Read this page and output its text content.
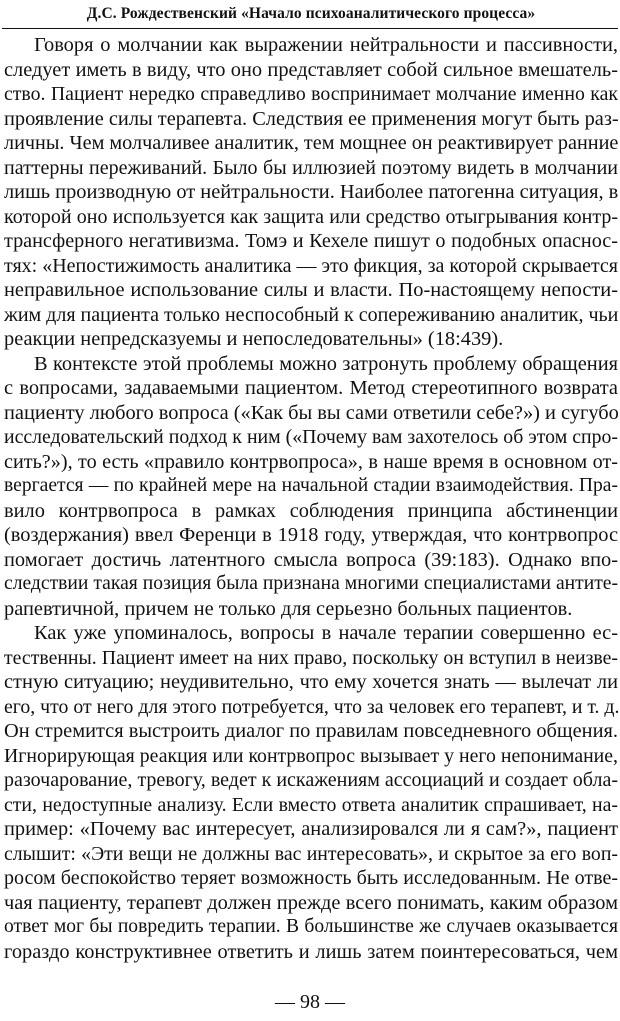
Д.С. Рождественский «Начало психоаналитического процесса»
Говоря о молчании как выражении нейтральности и пассивности,
следует иметь в виду, что оно представляет собой сильное вмешатель-
ство. Пациент нередко справедливо воспринимает молчание именно как
проявление силы терапевта. Следствия ее применения могут быть раз-
личны. Чем молчаливее аналитик, тем мощнее он реактивирует ранние
паттерны переживаний. Было бы иллюзией поэтому видеть в молчании
лишь производную от нейтральности. Наиболее патогенна ситуация, в
которой оно используется как защита или средство отыгрывания контр-
трансферного негативизма. Томэ и Кехеле пишут о подобных опаснос-
тях: «Непостижимость аналитика — это фикция, за которой скрывается
неправильное использование силы и власти. По-настоящему непости-
жим для пациента только неспособный к сопереживанию аналитик, чьи
реакции непредсказуемы и непоследовательны» (18:439).
В контексте этой проблемы можно затронуть проблему обращения
с вопросами, задаваемыми пациентом. Метод стереотипного возврата
пациенту любого вопроса («Как бы вы сами ответили себе?») и сугубо
исследовательский подход к ним («Почему вам захотелось об этом спро-
сить?»), то есть «правило контрвопроса», в наше время в основном от-
вергается — по крайней мере на начальной стадии взаимодействия. Пра-
вило контрвопроса в рамках соблюдения принципа абстиненции
(воздержания) ввел Ференци в 1918 году, утверждая, что контрвопрос
помогает достичь латентного смысла вопроса (39:183). Однако впо-
следствии такая позиция была признана многими специалистами антите-
рапевтичной, причем не только для серьезно больных пациентов.
Как уже упоминалось, вопросы в начале терапии совершенно ес-
тественны. Пациент имеет на них право, поскольку он вступил в неизве-
стную ситуацию; неудивительно, что ему хочется знать — вылечат ли
его, что от него для этого потребуется, что за человек его терапевт, и т. д.
Он стремится выстроить диалог по правилам повседневного общения.
Игнорирующая реакция или контрвопрос вызывает у него непонимание,
разочарование, тревогу, ведет к искажениям ассоциаций и создает обла-
сти, недоступные анализу. Если вместо ответа аналитик спрашивает, на-
пример: «Почему вас интересует, анализировался ли я сам?», пациент
слышит: «Эти вещи не должны вас интересовать», и скрытое за его воп-
росом беспокойство теряет возможность быть исследованным. Не отве-
чая пациенту, терапевт должен прежде всего понимать, каким образом
ответ мог бы повредить терапии. В большинстве же случаев оказывается
гораздо конструктивнее ответить и лишь затем поинтересоваться, чем
— 98 —
